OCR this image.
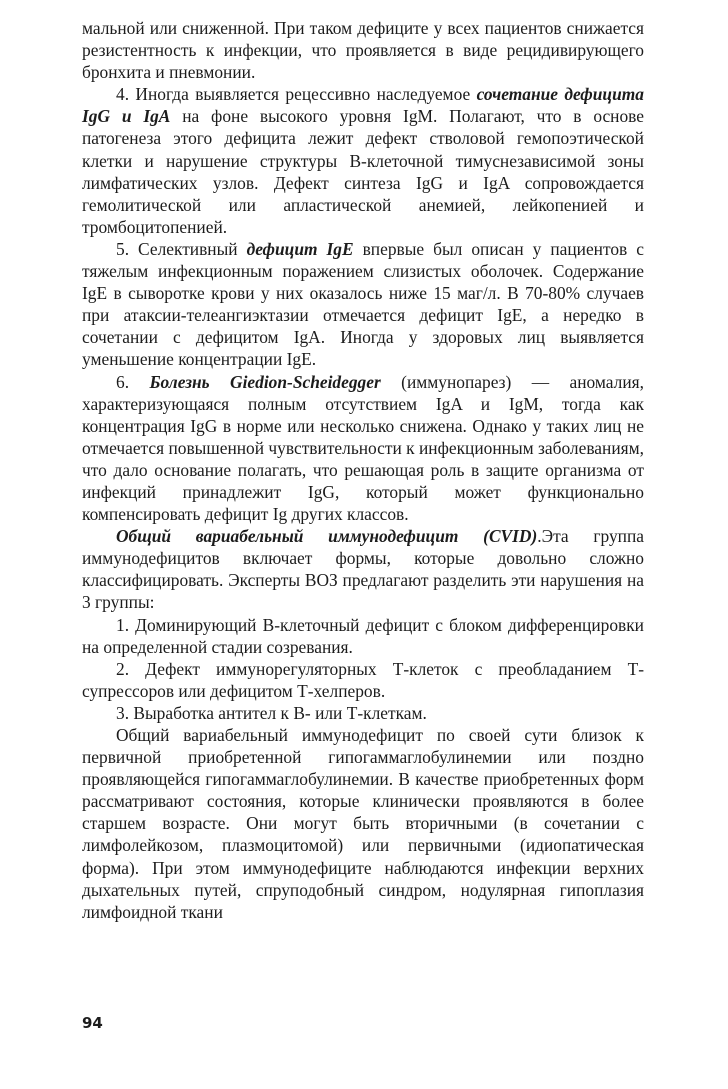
мальной или сниженной. При таком дефиците у всех пациентов снижается резистентность к инфекции, что проявляется в виде рецидивирующего бронхита и пневмонии.

4. Иногда выявляется рецессивно наследуемое сочетание дефицита IgG и IgA на фоне высокого уровня IgM. Полагают, что в основе патогенеза этого дефицита лежит дефект стволовой гемопоэтической клетки и нарушение структуры В-клеточной тимуснезависимой зоны лимфатических узлов. Дефект синтеза IgG и IgA сопровождается гемолитической или апластической анемией, лейкопенией и тромбоцитопенией.

5. Селективный дефицит IgE впервые был описан у пациентов с тяжелым инфекционным поражением слизистых оболочек. Содержание IgE в сыворотке крови у них оказалось ниже 15 маг/л. В 70-80% случаев при атаксии-телеангиэктазии отмечается дефицит IgE, а нередко в сочетании с дефицитом IgA. Иногда у здоровых лиц выявляется уменьшение концентрации IgE.

6. Болезнь Giedion-Scheidegger (иммунопарез) — аномалия, характеризующаяся полным отсутствием IgA и IgM, тогда как концентрация IgG в норме или несколько снижена. Однако у таких лиц не отмечается повышенной чувствительности к инфекционным заболеваниям, что дало основание полагать, что решающая роль в защите организма от инфекций принадлежит IgG, который может функционально компенсировать дефицит Ig других классов.

Общий вариабельный иммунодефицит (CVID).Эта группа иммунодефицитов включает формы, которые довольно сложно классифицировать. Эксперты ВОЗ предлагают разделить эти нарушения на 3 группы:

1. Доминирующий В-клеточный дефицит с блоком дифференцировки на определенной стадии созревания.

2. Дефект иммунорегуляторных Т-клеток с преобладанием Т-супрессоров или дефицитом Т-хелперов.

3. Выработка антител к В- или Т-клеткам.

Общий вариабельный иммунодефицит по своей сути близок к первичной приобретенной гипогаммаглобулинемии или поздно проявляющейся гипогаммаглобулинемии. В качестве приобретенных форм рассматривают состояния, которые клинически проявляются в более старшем возрасте. Они могут быть вторичными (в сочетании с лимфолейкозом, плазмоцитомой) или первичными (идиопатическая форма). При этом иммунодефиците наблюдаются инфекции верхних дыхательных путей, спруподобный синдром, нодулярная гипоплазия лимфоидной ткани

94
